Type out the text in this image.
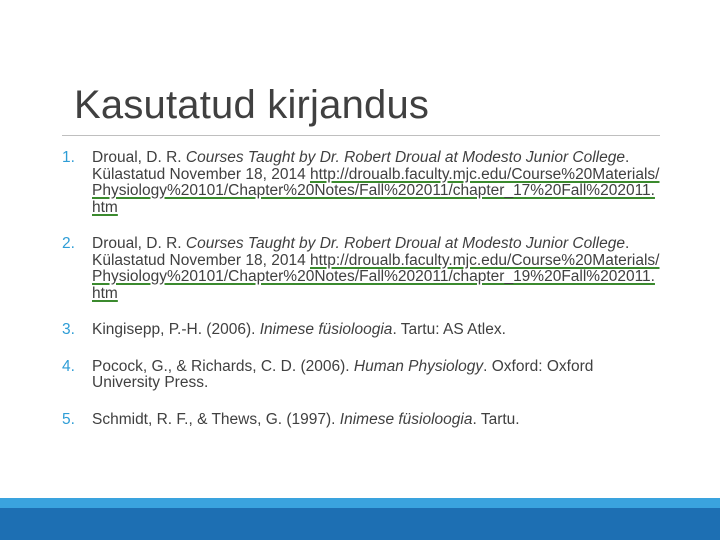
Kasutatud kirjandus
1. Droual, D. R. Courses Taught by Dr. Robert Droual at Modesto Junior College. Külastatud November 18, 2014 http://droualb.faculty.mjc.edu/Course%20Materials/Physiology%20101/Chapter%20Notes/Fall%202011/chapter_17%20Fall%202011.htm
2. Droual, D. R. Courses Taught by Dr. Robert Droual at Modesto Junior College. Külastatud November 18, 2014 http://droualb.faculty.mjc.edu/Course%20Materials/Physiology%20101/Chapter%20Notes/Fall%202011/chapter_19%20Fall%202011.htm
3. Kingisepp, P.-H. (2006). Inimese füsioloogia. Tartu: AS Atlex.
4. Pocock, G., & Richards, C. D. (2006). Human Physiology. Oxford: Oxford University Press.
5. Schmidt, R. F., & Thews, G. (1997). Inimese füsioloogia. Tartu.
